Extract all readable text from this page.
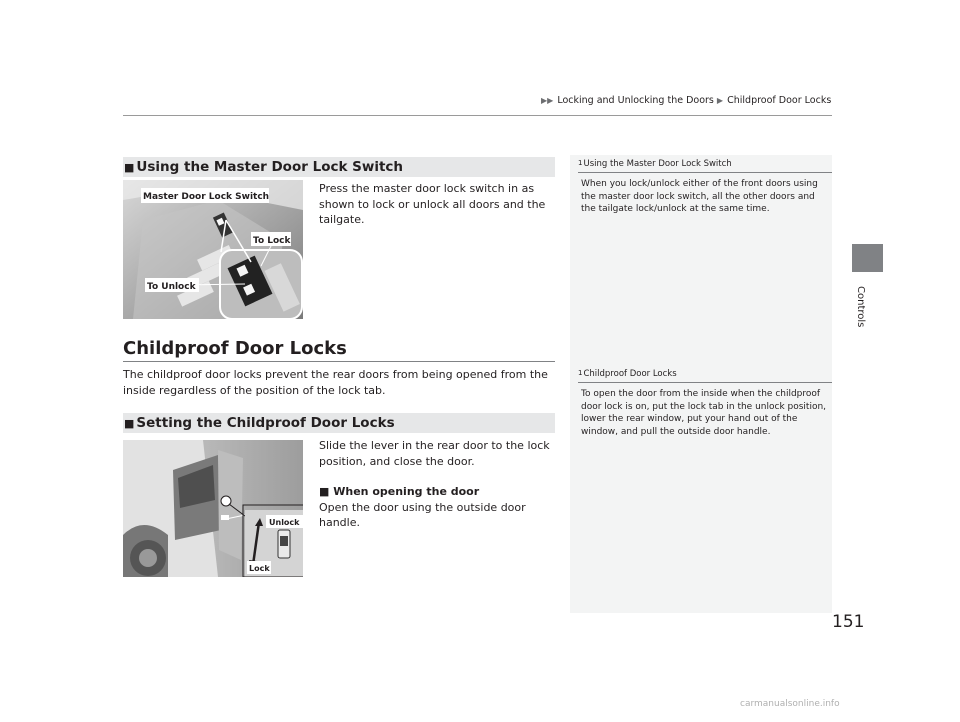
▶▶ Locking and Unlocking the Doors ▶ Childproof Door Locks
Controls
■ Using the Master Door Lock Switch
Master Door Lock Switch
To Lock
To Unlock
Press the master door lock switch in as shown to lock or unlock all doors and the tailgate.
Childproof Door Locks
The childproof door locks prevent the rear doors from being opened from the inside regardless of the position of the lock tab.
■ Setting the Childproof Door Locks
Unlock
Lock
Slide the lever in the rear door to the lock position, and close the door.
■ When opening the door
Open the door using the outside door handle.
1Using the Master Door Lock Switch
When you lock/unlock either of the front doors using the master door lock switch, all the other doors and the tailgate lock/unlock at the same time.
1Childproof Door Locks
To open the door from the inside when the childproof door lock is on, put the lock tab in the unlock position, lower the rear window, put your hand out of the window, and pull the outside door handle.
151
carmanualsonline.info
